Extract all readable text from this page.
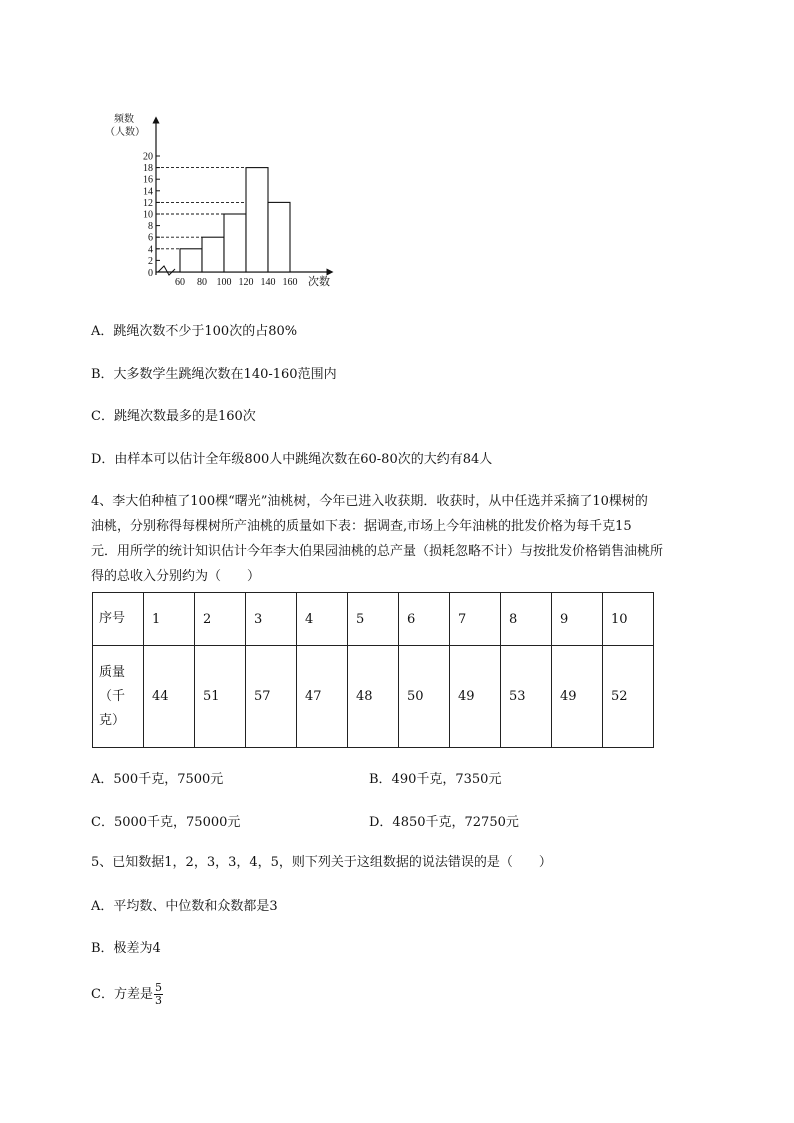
频数
（人数）
次数
0
2
4
6
8
10
12
14
16
18
20
60 80 100 120 140 160
A．跳绳次数不少于100次的占80%
B．大多数学生跳绳次数在140-160范围内
C．跳绳次数最多的是160次
D．由样本可以估计全年级800人中跳绳次数在60-80次的大约有84人
4、李大伯种植了100棵“曙光”油桃树，今年已进入收获期．收获时，从中任选并采摘了10棵树的
油桃，分别称得每棵树所产油桃的质量如下表：据调查,市场上今年油桃的批发价格为每千克15
元．用所学的统计知识估计今年李大伯果园油桃的总产量（损耗忽略不计）与按批发价格销售油桃所
得的总收入分别约为（　　）
序号	1	2	3	4	5	6	7	8	9	10

质量
（千
克）	44	51	57	47	48	50	49	53	49	52
A．500千克，7500元	B．490千克，7350元
C．5000千克，75000元	D．4850千克，72750元
5、已知数据1，2，3，3，4，5，则下列关于这组数据的说法错误的是（　　）
A．平均数、中位数和众数都是3
B．极差为4
C．方差是 $\frac{5}{3}$
